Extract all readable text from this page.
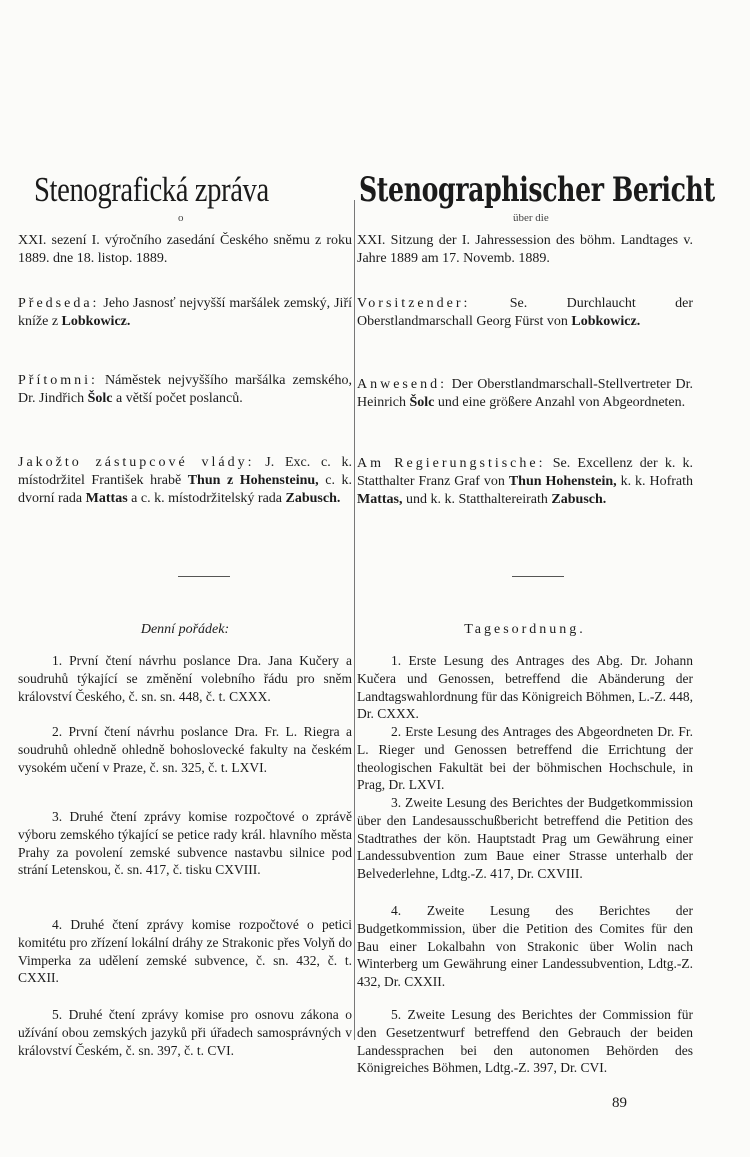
Stenografická zpráva
o

XXI. sezení I. výročního zasedání Českého sněmu z roku 1889. dne 18. listop. 1889.

Předseda: Jeho Jasnosť nejvyšší maršálek zemský, Jiří kníže z Lobkowicz.

Přítomni: Náměstek nejvyššího maršálka zemského, Dr. Jindřich Šolc a větší počet poslanců.

Jakožto zástupcové vlády: J. Exc. c. k. místodržitel František hrabě Thun z Hohensteinu, c. k. dvorní rada Mattas a c. k. místodržitelský rada Zabusch.

Denní pořádek:

1. První čtení návrhu poslance Dra. Jana Kučery a soudruhů týkající se změnění volebního řádu pro sněm království Českého, č. sn. sn. 448, č. t. CXXX.

2. První čtení návrhu poslance Dra. Fr. L. Riegra a soudruhů ohledně ohledně bohoslovecké fakulty na českém vysokém učení v Praze, č. sn. 325, č. t. LXVI.

3. Druhé čtení zprávy komise rozpočtové o zprávě výboru zemského týkající se petice rady král. hlavního města Prahy za povolení zemské subvence nastavbu silnice pod strání Letenskou, č. sn. 417, č. tisku CXVIII.

4. Druhé čtení zprávy komise rozpočtové o petici komitétu pro zřízení lokální dráhy ze Strakonic přes Volyň do Vimperka za udělení zemské subvence, č. sn. 432, č. t. CXXII.

5. Druhé čtení zprávy komise pro osnovu zákona o užívání obou zemských jazyků při úřadech samosprávných v království Českém, č. sn. 397, č. t. CVI.

Stenographischer Bericht
über die

XXI. Sitzung der I. Jahressession des böhm. Landtages v. Jahre 1889 am 17. Novemb. 1889.

Vorsitzender:	Se. Durchlaucht der Oberstlandmarschall Georg Fürst von Lobkowicz.

Anwesend: Der Oberstlandmarschall-Stellvertreter Dr. Heinrich Šolc und eine größere Anzahl von Abgeordneten.

Am Regierungstische: Se. Excellenz der k. k. Statthalter Franz Graf von Thun Hohenstein, k. k. Hofrath Mattas, und k. k. Statthaltereirath Zabusch.

Tagesordnung.

1. Erste Lesung des Antrages des Abg. Dr. Johann Kučera und Genossen, betreffend die Abänderung der Landtagswahlordnung für das Königreich Böhmen, L.-Z. 448, Dr. CXXX.

2. Erste Lesung des Antrages des Abgeordneten Dr. Fr. L. Rieger und Genossen betreffend die Errichtung der theologischen Fakultät bei der böhmischen Hochschule, in Prag, Dr. LXVI.

3. Zweite Lesung des Berichtes der Budgetkommission über den Landesausschußbericht betreffend die Petition des Stadtrathes der kön. Hauptstadt Prag um Gewährung einer Landessubvention zum Baue einer Strasse unterhalb der Belvederlehne, Ldtg.-Z. 417, Dr. CXVIII.

4. Zweite Lesung des Berichtes der Budgetkommission, über die Petition des Comites für den Bau einer Lokalbahn von Strakonic über Wolin nach Winterberg um Gewährung einer Landessubvention, Ldtg.-Z. 432, Dr. CXXII.

5. Zweite Lesung des Berichtes der Commission für den Gesetzentwurf betreffend den Gebrauch der beiden Landessprachen bei den autonomen Behörden des Königreiches Böhmen, Ldtg.-Z. 397, Dr. CVI.

89
